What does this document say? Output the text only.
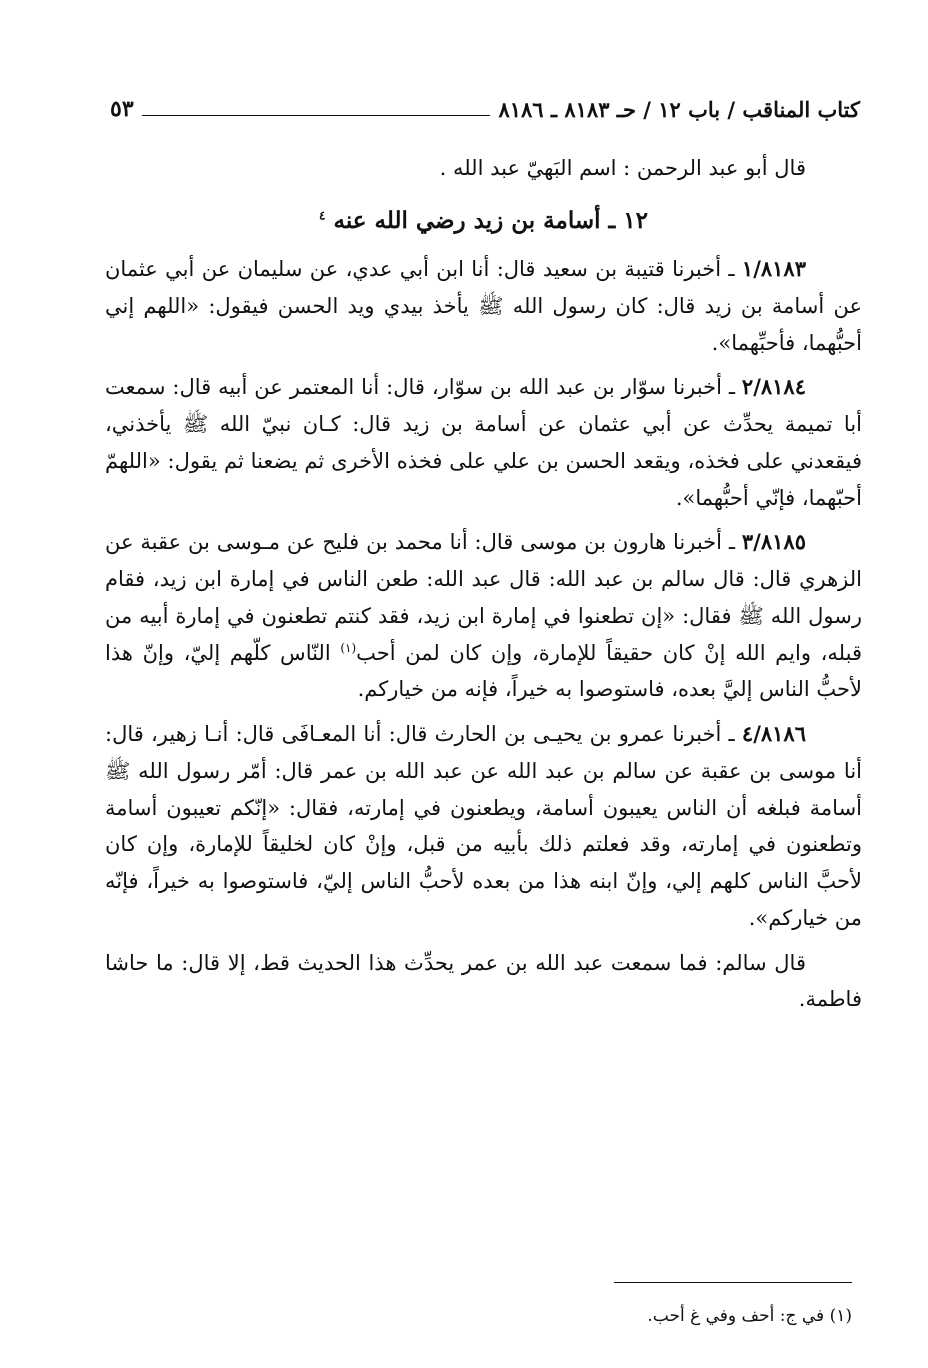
كتاب المناقب / باب ١٢ / حـ ٨١٨٣ ـ ٨١٨٦
٥٣

قال أبو عبد الرحمن : اسم البَهيّ عبد الله .

١٢ ـ أسامة بن زيد رضي الله عنه $^٤$

١/٨١٨٣ ـ أخبرنا قتيبة بن سعيد قال: أنا ابن أبي عدي، عن سليمان عن أبي عثمان عن أسامة بن زيد قال: كان رسول الله ﷺ يأخذ بيدي ويد الحسن فيقول: «اللهم إني أحبُّهما، فأحبِّهما».

٢/٨١٨٤ ـ أخبرنا سوّار بن عبد الله بن سوّار، قال: أنا المعتمر عن أبيه قال: سمعت أبا تميمة يحدِّث عن أبي عثمان عن أسامة بن زيد قال: كـان نبيّ الله ﷺ يأخذني، فيقعدني على فخذه، ويقعد الحسن بن علي على فخذه الأخرى ثم يضعنا ثم يقول: «اللهمّ أحبّهما، فإنّي أحبُّهما».

٣/٨١٨٥ ـ أخبرنا هارون بن موسى قال: أنا محمد بن فليح عن مـوسى بن عقبة عن الزهري قال: قال سالم بن عبد الله: قال عبد الله: طعن الناس في إمارة ابن زيد، فقام رسول الله ﷺ فقال: «إن تطعنوا في إمارة ابن زيد، فقد كنتم تطعنون في إمارة أبيه من قبله، وايم الله إنْ كان حقيقاً للإمارة، وإن كان لمن أحب$^{(١)}$ النّاس كلّهم إليّ، وإنّ هذا لأحبُّ الناس إليَّ بعده، فاستوصوا به خيراً، فإنه من خياركم.

٤/٨١٨٦ ـ أخبرنا عمرو بن يحيـى بن الحارث قال: أنا المعـافَى قال: أنـا زهير، قال: أنا موسى بن عقبة عن سالم بن عبد الله عن عبد الله بن عمر قال: أمّر رسول الله ﷺ أسامة فبلغه أن الناس يعيبون أسامة، ويطعنون في إمارته، فقال: «إنّكم تعيبون أسامة وتطعنون في إمارته، وقد فعلتم ذلك بأبيه من قبل، وإنْ كان لخليقاً للإمارة، وإن كان لأحبَّ الناس كلهم إلي، وإنّ ابنه هذا من بعده لأحبُّ الناس إليّ، فاستوصوا به خيراً، فإنّه من خياركم».

قال سالم: فما سمعت عبد الله بن عمر يحدِّث هذا الحديث قط، إلا قال: ما حاشا فاطمة.

(١) في ج: أحف وفي غ أحب.
